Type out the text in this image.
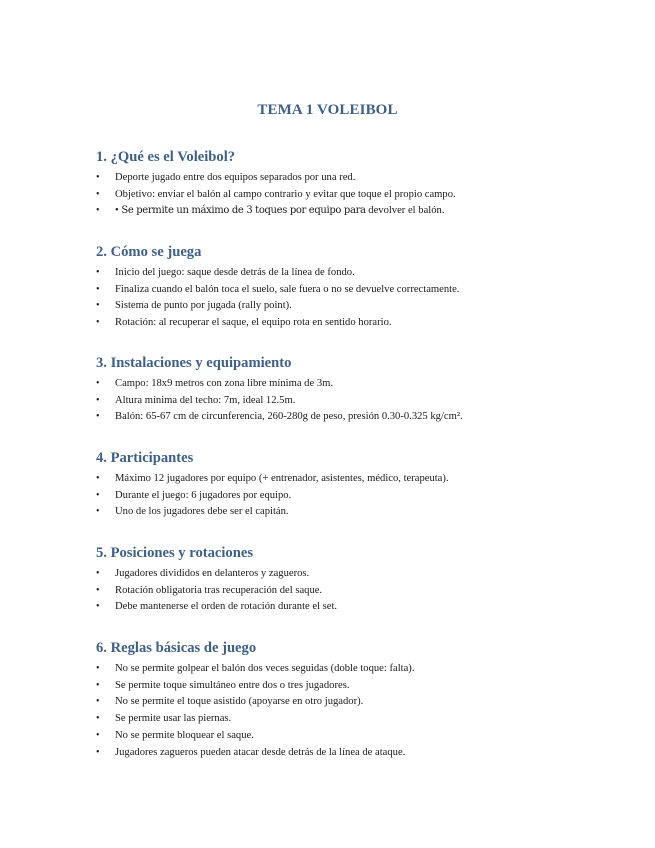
TEMA 1 VOLEIBOL
1. ¿Qué es el Voleibol?
• Deporte jugado entre dos equipos separados por una red.
• Objetivo: enviar el balón al campo contrario y evitar que toque el propio campo.
• • Se permite un máximo de 3 toques por equipo para devolver el balón.
2. Cómo se juega
• Inicio del juego: saque desde detrás de la línea de fondo.
• Finaliza cuando el balón toca el suelo, sale fuera o no se devuelve correctamente.
• Sistema de punto por jugada (rally point).
• Rotación: al recuperar el saque, el equipo rota en sentido horario.
3. Instalaciones y equipamiento
• Campo: 18x9 metros con zona libre mínima de 3m.
• Altura mínima del techo: 7m, ideal 12.5m.
• Balón: 65-67 cm de circunferencia, 260-280g de peso, presión 0.30-0.325 kg/cm².
4. Participantes
• Máximo 12 jugadores por equipo (+ entrenador, asistentes, médico, terapeuta).
• Durante el juego: 6 jugadores por equipo.
• Uno de los jugadores debe ser el capitán.
5. Posiciones y rotaciones
• Jugadores divididos en delanteros y zagueros.
• Rotación obligatoria tras recuperación del saque.
• Debe mantenerse el orden de rotación durante el set.
6. Reglas básicas de juego
• No se permite golpear el balón dos veces seguidas (doble toque: falta).
• Se permite toque simultáneo entre dos o tres jugadores.
• No se permite el toque asistido (apoyarse en otro jugador).
• Se permite usar las piernas.
• No se permite bloquear el saque.
• Jugadores zagueros pueden atacar desde detrás de la línea de ataque.
